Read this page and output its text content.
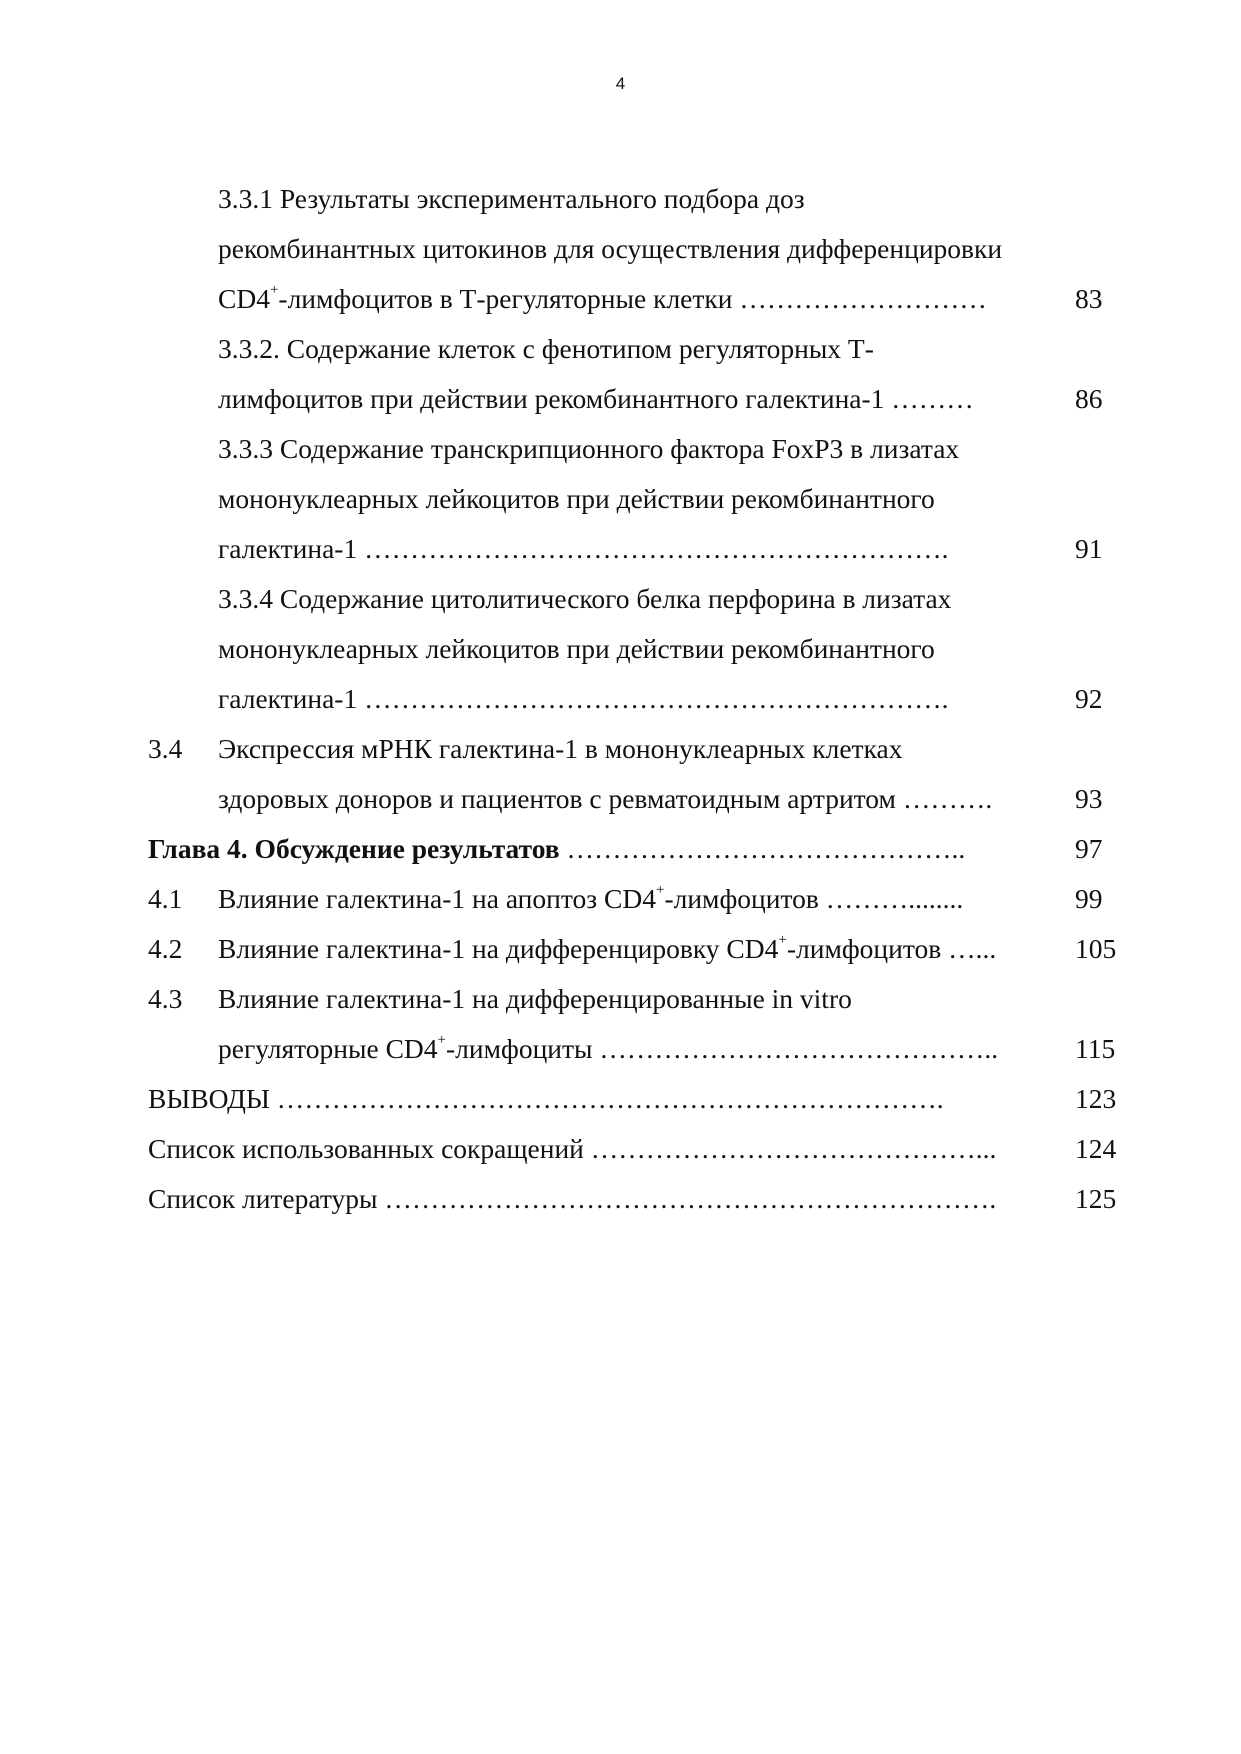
4
3.3.1 Результаты экспериментального подбора доз
рекомбинантных цитокинов для осуществления дифференцировки
CD4+-лимфоцитов в Т-регуляторные клетки ………………………	83
3.3.2. Содержание клеток с фенотипом регуляторных Т-
лимфоцитов при действии рекомбинантного галектина-1 ………	86
3.3.3 Содержание транскрипционного фактора FoxP3 в лизатах
мононуклеарных лейкоцитов при действии рекомбинантного
галектина-1 ……………………………………………………….	91
3.3.4 Содержание цитолитического белка перфорина в лизатах
мононуклеарных лейкоцитов при действии рекомбинантного
галектина-1 ……………………………………………………….	92
3.4 Экспрессия мРНК галектина-1 в мононуклеарных клетках
здоровых доноров и пациентов с ревматоидным артритом ……….	93
Глава 4. Обсуждение результатов ……………………………………..	97
4.1 Влияние галектина-1 на апоптоз CD4+-лимфоцитов ………........	99
4.2 Влияние галектина-1 на дифференцировку CD4+-лимфоцитов …...	105
4.3 Влияние галектина-1 на дифференцированные in vitro
регуляторные CD4+-лимфоциты ……………………………………..	115
ВЫВОДЫ ……………………………………………………………….	123
Список использованных сокращений ……………………………………...	124
Список литературы ………………………………………………………….	125
